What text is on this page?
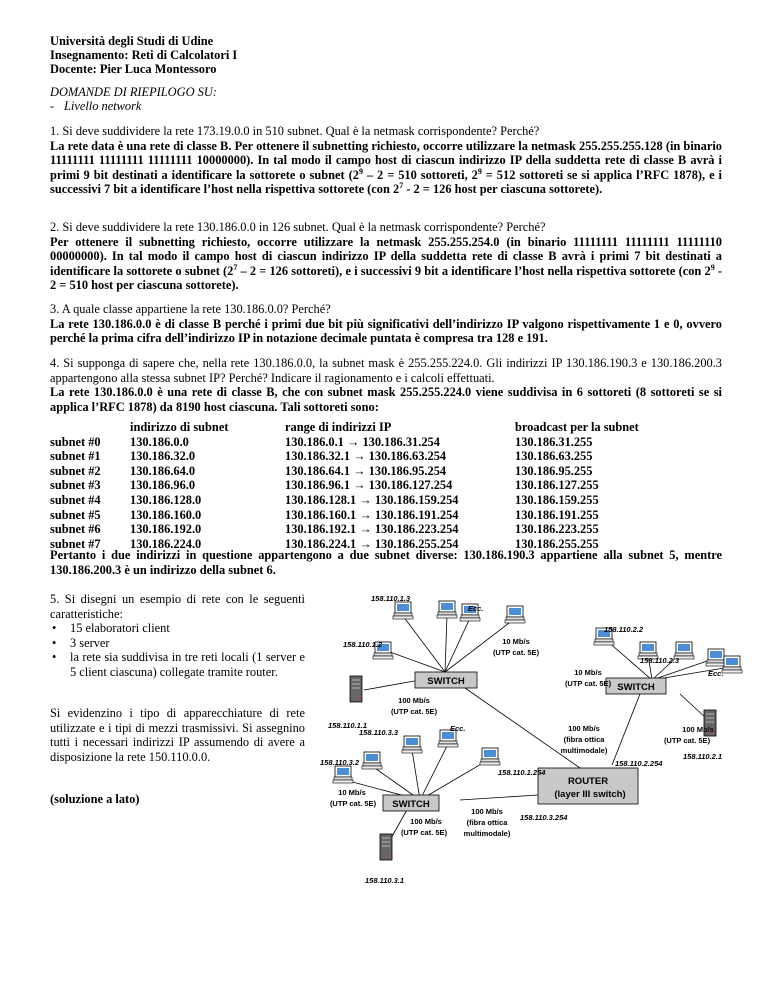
Università degli Studi di Udine
Insegnamento: Reti di Calcolatori I
Docente: Pier Luca Montessoro
DOMANDE DI RIEPILOGO SU:
- Livello network

1. Si deve suddividere la rete 173.19.0.0 in 510 subnet. Qual è la netmask corrispondente? Perché?

La rete data è una rete di classe B. Per ottenere il subnetting richiesto, occorre utilizzare la netmask 255.255.255.128 (in binario 11111111 11111111 11111111 10000000). In tal modo il campo host di ciascun indirizzo IP della suddetta rete di classe B avrà i primi 9 bit destinati a identificare la sottorete o subnet ($2^9 - 2 = 510$ sottoreti, $2^9 = 512$ sottoreti se si applica l’RFC 1878), e i successivi 7 bit a identificare l’host nella rispettiva sottorete (con $2^7 - 2 = 126$ host per ciascuna sottorete).

2. Si deve suddividere la rete 130.186.0.0 in 126 subnet. Qual è la netmask corrispondente? Perché?

Per ottenere il subnetting richiesto, occorre utilizzare la netmask 255.255.254.0 (in binario 11111111 11111111 11111110 00000000). In tal modo il campo host di ciascun indirizzo IP della suddetta rete di classe B avrà i primi 7 bit destinati a identificare la sottorete o subnet ($2^7 - 2 = 126$ sottoreti), e i successivi 9 bit a identificare l’host nella rispettiva sottorete (con $2^9 - 2 = 510$ host per ciascuna sottorete).

3. A quale classe appartiene la rete 130.186.0.0? Perché?

La rete 130.186.0.0 è di classe B perché i primi due bit più significativi dell’indirizzo IP valgono rispettivamente 1 e 0, ovvero perché la prima cifra dell’indirizzo IP in notazione decimale puntata è compresa tra 128 e 191.

4. Si supponga di sapere che, nella rete 130.186.0.0, la subnet mask è 255.255.224.0. Gli indirizzi IP 130.186.190.3 e 130.186.200.3 appartengono alla stessa subnet IP? Perché? Indicare il ragionamento e i calcoli effettuati.

La rete 130.186.0.0 è una rete di classe B, che con subnet mask 255.255.224.0 viene suddivisa in 6 sottoreti (8 sottoreti se si applica l’RFC 1878) da 8190 host ciascuna. Tali sottoreti sono:

	indirizzo di subnet	range di indirizzi IP	broadcast per la subnet
subnet #0	130.186.0.0	130.186.0.1 → 130.186.31.254	130.186.31.255
subnet #1	130.186.32.0	130.186.32.1 → 130.186.63.254	130.186.63.255
subnet #2	130.186.64.0	130.186.64.1 → 130.186.95.254	130.186.95.255
subnet #3	130.186.96.0	130.186.96.1 → 130.186.127.254	130.186.127.255
subnet #4	130.186.128.0	130.186.128.1 → 130.186.159.254	130.186.159.255
subnet #5	130.186.160.0	130.186.160.1 → 130.186.191.254	130.186.191.255
subnet #6	130.186.192.0	130.186.192.1 → 130.186.223.254	130.186.223.255
subnet #7	130.186.224.0	130.186.224.1 → 130.186.255.254	130.186.255.255
Pertanto i due indirizzi in questione appartengono a due subnet diverse: 130.186.190.3 appartiene alla subnet 5, mentre 130.186.200.3 è un indirizzo della subnet 6.

5. Si disegni un esempio di rete con le seguenti caratteristiche:

• 15 elaboratori client
• 3 server
• la rete sia suddivisa in tre reti locali (1 server e 5 client ciascuna) collegate tramite router.
Si evidenzino i tipo di apparecchiature di rete utilizzate e i tipi di mezzi trasmissivi. Si assegnino tutti i necessari indirizzi IP assumendo di avere a disposizione la rete 150.110.0.0.
(soluzione a lato)
SWITCH
SWITCH
SWITCH
ROUTER
(layer III switch)
158.110.1.3
Ecc.
158.110.2.2
158.110.1.2
158.110.2.3
Ecc.
158.110.1.1
158.110.3.3	Ecc.
158.110.3.2
158.110.1.254
158.110.2.254
158.110.2.1
158.110.3.254
158.110.3.1
10 Mb/s
(UTP cat. 5E)
10 Mb/s
(UTP cat. 5E)
100 Mb/s
(UTP cat. 5E)
100 Mb/s
(fibra ottica
multimodale)
100 Mb/s
(UTP cat. 5E)
10 Mb/s
(UTP cat. 5E)
100 Mb/s
(fibra ottica
multimodale)
100 Mb/s
(UTP cat. 5E)
